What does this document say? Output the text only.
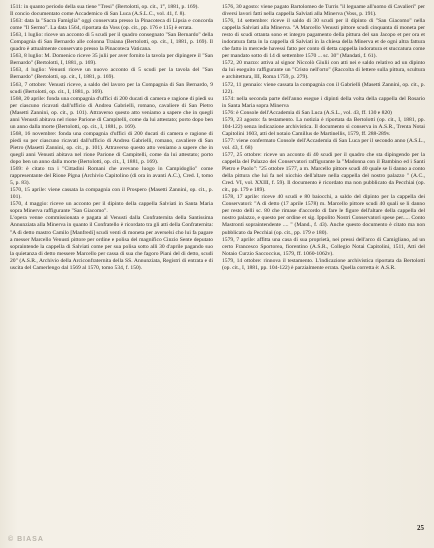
1511: in quanto periodo della sua tiene "Tresi" (Bertolotti, op. cit., 1°, 1881, p. 169).

Il concio documentato come Accademico di San Luca (A.S.L.C., vol. 41, f. 8).

1563: data la "Sacra Famiglia" oggi conservata presso la Pinacoteca di Lipsia e concorda come "Il Sermo". La data 1564, riportata da Voss (op. cit., pp. 176 e 115) è errata.

1563, 1 luglio: riceve un acconto di 5 scudi per il quadro consegnato "San Bernardo" della Compagnia di San Bernardo alle colonna Traiana (Bertolotti, op. cit., I, 1881, p. 169). Il quadro è attualmente conservato presso la Pinacoteca Vaticana.

1563, 8 luglio: M. Domenico riceve 35 julii per aver fornito la tavola per dipingere il "San Bernardo" (Bertolotti, I, 1881, p. 169).

1563, 4 luglio: Venusti riceve un nuovo acconto di 5 scudi per la tavola del "San Bernardo" (Bertolotti, op. cit., I, 1881, p. 169).

1563, 7 ottobre: Venusti riceve, a saldo del lavoro per la Compagnia di San Bernardo, 9 scudi (Bertolotti, op. cit., I, 1881, p. 169).

1568, 20 aprile: fonda una compagnia d'uffici di 200 ducati di camera e ragione di piedi su per ciascuno ricavati dall'ufficio di Andrea Gabrielli, romano, cavaliere di San Pietro (Masetti Zannini, op. cit., p. 101). Attraverso questo atto veniamo a sapere che in quegli anni Venusti abitava nel rione Parione di Campitelli, come da lui attestato; porto dopo ben un anno dalla morte (Bertolotti, op. cit., I, 1881, p. 169).

1568, 16 novembre: fonda una compagnia d'uffici di 200 ducati di camera e ragione di piedi su per ciascuno ricavati dall'ufficio di Andrea Gabrielli, romano, cavaliere di San Pietro (Masetti Zannini, op. cit., p. 101). Attraverso questo atto veniamo a sapere che in quegli anni Venusti abitava nel rione Parione di Campitelli, come da lui attestato; porto dopo ben un anno dalla morte (Bertolotti, op. cit., I, 1881, p. 169).

1569: è citato tra i "Cittadini Romani che avevano luogo in Campidoglio" come rappresentante del Rione Pigna (Archivio Capitolino (di ora in avanti A.C.), Cred. I, tomo 5, p. 83).

1570, 15 aprile: viene cassata la compagnia con il Prospero (Masetti Zannini, op. cit., p. 101).

1570, 4 maggio: riceve un acconto per il dipinto della cappella Salviati in Santa Maria sopra Minerva raffigurante "San Giacomo".

L'opera venne commissionata e pagata al Venusti dalla Confraternita della Santissima Annunziata alla Minerva in quanto il Confratello è ricordato tra gli atti della Confraternita: "A dì detto mastro Camilo [Manfredi] scudi venti di moneta per averselsi cho lui fa pagare a messer Marcello Venusti pittore per ordine e polisa del magnifico Cinzio Sente deputato sopraintende la cappella di Salviati come per sua polisa sotto alli 30 d'aprile pagando suo la quietanza di detto messere Marcello per cassa di sua che fagoro Piani del di detto, scudi 20" (A.S.R., Archivio della Arciconfraternita della SS. Annunziata, Registri di entrata e di uscita del Camerlengo dal 1569 al 1570, tomo 534, f. 150).

1576, 30 agosto: viene pagato Bartolomeo de Turris "il leguame all'uomo di Cavalieri" per diversi lavori fatti nella cappella Salviati alla Minerva (Voss, p. 191).

1576, 14 settembre: riceve il saldo di 30 scudi per il dipinto di "San Giacomo" nella cappella Salviati alla Minerva. "A Marcello Venusti pittore scudi cinquanta di moneta per resto di scudi ottanta sono et integro pagamento della pittura del san Jacopo et per ora et indoratura fatta in la cappella di Salviati in la chiesa della Minerva et de ogni altra fattura che fatto in mercede havessi fatto per conto di detta cappella indoratura et stuccatura come per mandato sotto di 14 di settembre 1570 ... sc. 30" (Mandati, f. 61).

1572, 20 marzo: attiva al signor Niccolò Giulii con atti nei e saldo relativo ad un dipinto da lui eseguito raffigurante un "Cristo nell'orto" (Raccolta di lettere sulla pittura, scultura e architettura, III, Roma 1759, p. 279).

1572, 11 gennaio: viene cassata la compagnia con il Gabrielli (Masetti Zannini, op. cit., p. 122).

1574: nella seconda parte dell'anno esegue i dipinti della volta della cappella del Rosario in Santa Maria sopra Minerva

1576: è Console dell'Accademia di San Luca (A.S.L., vol. 43, ff. 130 e 820)

1579, 23 agosto: fa testamento. La notizia è riportata da Bertolotti (op. cit., I, 1881, pp. 104-122) senza indicazione archivistica. Il documento si conserva in A.S.R., Trenta Notai Capitolini 1603, atti del notaio Camillus de Martinellis, 1579, ff. 288-289v.

1577: viene confermato Console dell'Accademia di San Luca per il secondo anno (A.S.L., vol. 43, f. 68)

1577, 25 ottobre: riceve un acconto di 40 scudi per il quadro che sta dipingendo per la cappella del Palazzo dei Conservatori raffigurante la "Madonna con il Bambino ed i Santi Pietro e Paolo": "25 ottobre 1577, a m. Marcello pittore scudi 40 quale se li danno a conto della pittura che lui fa nel nicchio dell'altare nella cappella del nostro palazzo " (A.C., Cred. VI, vol. XXIII, f. 59). Il documento è ricordato ma non pubblicato da Pecchiai (op. cit., pp. 179 e 189).

1578, 17 aprile: riceve 40 scudi e 80 baiocchi, a saldo del dipinto per la cappella dei Conservatori: "A dì detto (17 aprile 1578) m. Marcello pittore scudi 40 quali se li danno per resto delli sc. 80 che rimase d'accordo di fare le figure dell'altare della cappella del nostro palazzo, e questo per ordine et sig. Ippolito Nostri Conservatori spese per..... Conto Mastronti sopraintendente .... " (Mand., f. 43). Anche questo documento è citato ma non pubblicato da Pecchiai (op. cit., pp. 179 e 180).

1579, 7 aprile: affitta una casa di sua proprietà, nei pressi dell'arco di Camigliano, ad un certo Francesco Sportorea, fiorentino (A.S.R., Collegio Notai Capitolini, 1511, Atti del Notaio Curzio Saccoccius, 1579, ff. 1060-1062v).

1579, 14 ottobre: rinnova il testamento. L'indicazione archivistica riportata da Bertolotti (op. cit., I, 1881, pp. 104-122) è parzialmente errata. Quella corretta è: A.S.R.

25
© BIASA
